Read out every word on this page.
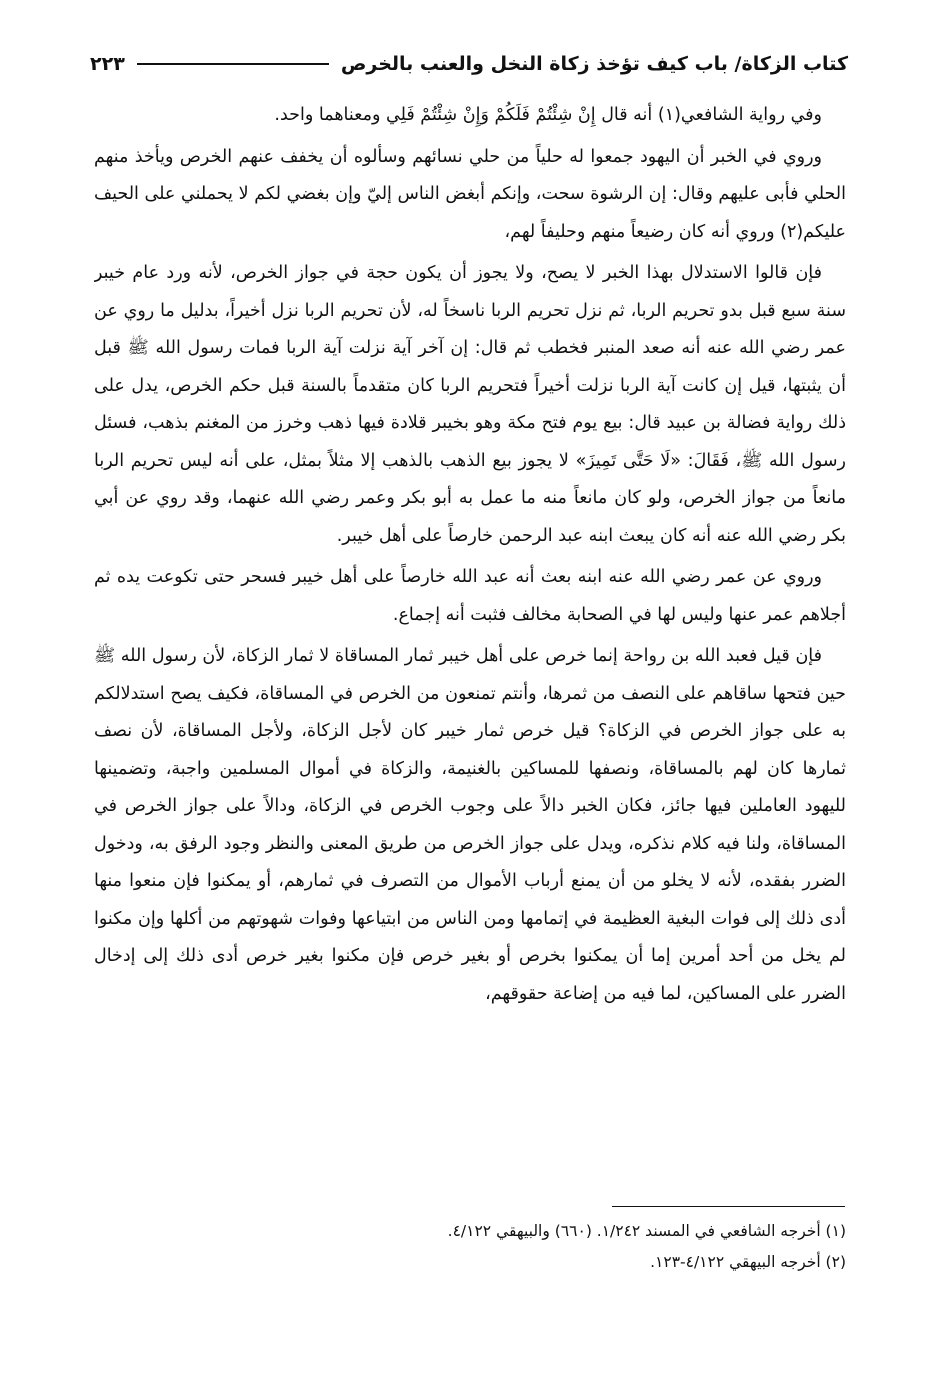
٢٢٣	كتاب الزكاة/ باب كيف تؤخذ زكاة النخل والعنب بالخرص

وفي رواية الشافعي(١) أنه قال إِنْ شِئْتُمْ فَلَكُمْ وَإِنْ شِئْتُمْ فَلِي ومعناهما واحد.

وروي في الخبر أن اليهود جمعوا له حلياً من حلي نسائهم وسألوه أن يخفف عنهم الخرص ويأخذ منهم الحلي فأبى عليهم وقال: إن الرشوة سحت، وإنكم أبغض الناس إليّ وإن بغضي لكم لا يحملني على الحيف عليكم(٢) وروي أنه كان رضيعاً منهم وحليفاً لهم،

فإن قالوا الاستدلال بهذا الخبر لا يصح، ولا يجوز أن يكون حجة في جواز الخرص، لأنه ورد عام خيبر سنة سبع قبل بدو تحريم الربا، ثم نزل تحريم الربا ناسخاً له، لأن تحريم الربا نزل أخيراً، بدليل ما روي عن عمر رضي الله عنه أنه صعد المنبر فخطب ثم قال: إن آخر آية نزلت آية الربا فمات رسول الله ﷺ قبل أن يثبتها، قيل إن كانت آية الربا نزلت أخيراً فتحريم الربا كان متقدماً بالسنة قبل حكم الخرص، يدل على ذلك رواية فضالة بن عبيد قال: بيع يوم فتح مكة وهو بخيبر قلادة فيها ذهب وخرز من المغنم بذهب، فسئل رسول الله ﷺ، فَقَالَ: «لَا حَتَّى تَمِيزَ» لا يجوز بيع الذهب بالذهب إلا مثلاً بمثل، على أنه ليس تحريم الربا مانعاً من جواز الخرص، ولو كان مانعاً منه ما عمل به أبو بكر وعمر رضي الله عنهما، وقد روي عن أبي بكر رضي الله عنه أنه كان يبعث ابنه عبد الرحمن خارصاً على أهل خيبر.

وروي عن عمر رضي الله عنه ابنه بعث أنه عبد الله خارصاً على أهل خيبر فسحر حتى تكوعت يده ثم أجلاهم عمر عنها وليس لها في الصحابة مخالف فثبت أنه إجماع.

فإن قيل فعبد الله بن رواحة إنما خرص على أهل خيبر ثمار المساقاة لا ثمار الزكاة، لأن رسول الله ﷺ حين فتحها ساقاهم على النصف من ثمرها، وأنتم تمنعون من الخرص في المساقاة، فكيف يصح استدلالكم به على جواز الخرص في الزكاة؟ قيل خرص ثمار خيبر كان لأجل الزكاة، ولأجل المساقاة، لأن نصف ثمارها كان لهم بالمساقاة، ونصفها للمساكين بالغنيمة، والزكاة في أموال المسلمين واجبة، وتضمينها لليهود العاملين فيها جائز، فكان الخبر دالاً على وجوب الخرص في الزكاة، ودالاً على جواز الخرص في المساقاة، ولنا فيه كلام نذكره، ويدل على جواز الخرص من طريق المعنى والنظر وجود الرفق به، ودخول الضرر بفقده، لأنه لا يخلو من أن يمنع أرباب الأموال من التصرف في ثمارهم، أو يمكنوا فإن منعوا منها أدى ذلك إلى فوات البغية العظيمة في إتمامها ومن الناس من ابتياعها وفوات شهوتهم من أكلها وإن مكنوا لم يخل من أحد أمرين إما أن يمكنوا بخرص أو بغير خرص فإن مكنوا بغير خرص أدى ذلك إلى إدخال الضرر على المساكين، لما فيه من إضاعة حقوقهم،

(١) أخرجه الشافعي في المسند ١/٢٤٢. (٦٦٠) والبيهقي ٤/١٢٢.

(٢) أخرجه البيهقي ٤/١٢٢-١٢٣.
